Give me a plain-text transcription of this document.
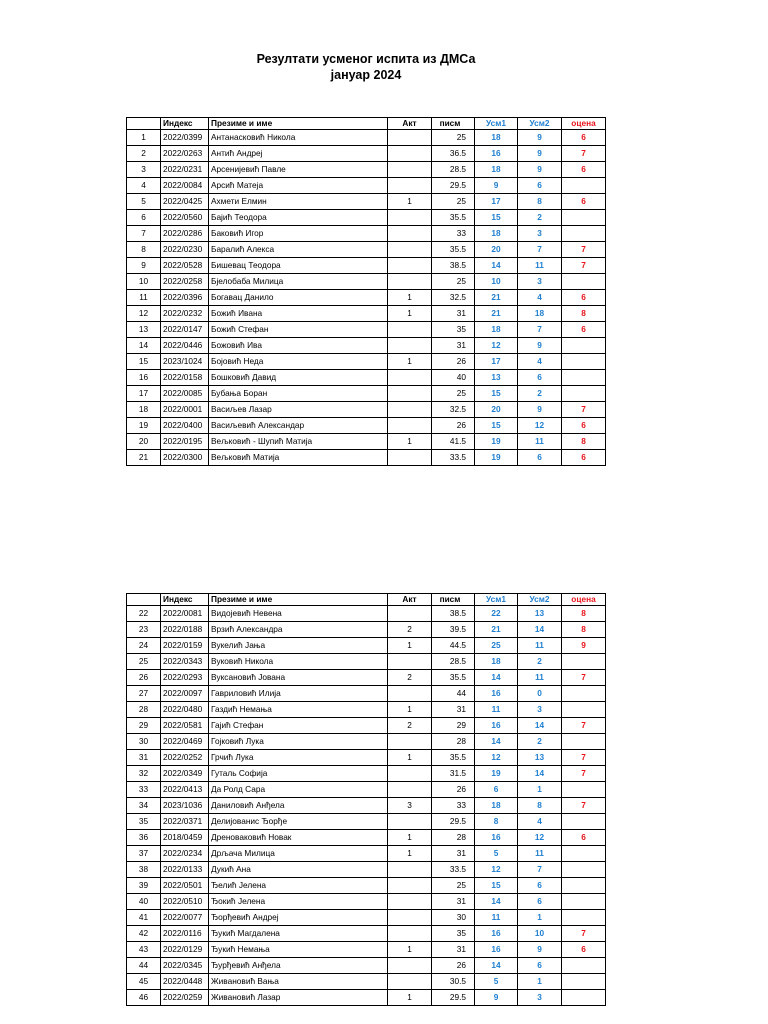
Резултати усменог испита из ДМСа
јануар 2024
	Индекс	Презиме и име	Акт	писм	Усм1	Усм2	оцена
1	2022/0399	Антанасковић Никола		25	18	9	6
2	2022/0263	Антић Андреј		36.5	16	9	7
3	2022/0231	Арсенијевић Павле		28.5	18	9	6
4	2022/0084	Арсић Матеја		29.5	9	6	
5	2022/0425	Ахмети Елмин	1	25	17	8	6
6	2022/0560	Бајић Теодора		35.5	15	2	
7	2022/0286	Баковић Игор		33	18	3	
8	2022/0230	Баралић Алекса		35.5	20	7	7
9	2022/0528	Бишевац Теодора		38.5	14	11	7
10	2022/0258	Бјелобаба Милица		25	10	3	
11	2022/0396	Богавац Данило	1	32.5	21	4	6
12	2022/0232	Божић Ивана	1	31	21	18	8
13	2022/0147	Божић Стефан		35	18	7	6
14	2022/0446	Божовић Ива		31	12	9	
15	2023/1024	Бојовић Неда	1	26	17	4	
16	2022/0158	Бошковић Давид		40	13	6	
17	2022/0085	Бубања Боран		25	15	2	
18	2022/0001	Васиљев Лазар		32.5	20	9	7
19	2022/0400	Васиљевић Александар		26	15	12	6
20	2022/0195	Вељковић - Шупић Матија	1	41.5	19	11	8
21	2022/0300	Вељковић Матија		33.5	19	6	6
	Индекс	Презиме и име	Акт	писм	Усм1	Усм2	оцена
22	2022/0081	Видојевић Невена		38.5	22	13	8
23	2022/0188	Врзић Александра	2	39.5	21	14	8
24	2022/0159	Вукелић Јања	1	44.5	25	11	9
25	2022/0343	Вуковић Никола		28.5	18	2	
26	2022/0293	Вуксановић Јована	2	35.5	14	11	7
27	2022/0097	Гавриловић Илија		44	16	0	
28	2022/0480	Газдић Немања	1	31	11	3	
29	2022/0581	Гајић Стефан	2	29	16	14	7
30	2022/0469	Гојковић Лука		28	14	2	
31	2022/0252	Грчић Лука	1	35.5	12	13	7
32	2022/0349	Гуталь Софија		31.5	19	14	7
33	2022/0413	Да Ролд Сара		26	6	1	
34	2023/1036	Даниловић Анђела	3	33	18	8	7
35	2022/0371	Делијованис Ђорђе		29.5	8	4	
36	2018/0459	Дреноваковић Новак	1	28	16	12	6
37	2022/0234	Дрљача Милица	1	31	5	11	
38	2022/0133	Дукић Ана		33.5	12	7	
39	2022/0501	Ђелић Јелена		25	15	6	
40	2022/0510	Ђокић Јелена		31	14	6	
41	2022/0077	Ђорђевић Андреј		30	11	1	
42	2022/0116	Ђукић Магдалена		35	16	10	7
43	2022/0129	Ђукић Немања	1	31	16	9	6
44	2022/0345	Ђурђевић Анђела		26	14	6	
45	2022/0448	Живановић Вања		30.5	5	1	
46	2022/0259	Живановић Лазар	1	29.5	9	3	
